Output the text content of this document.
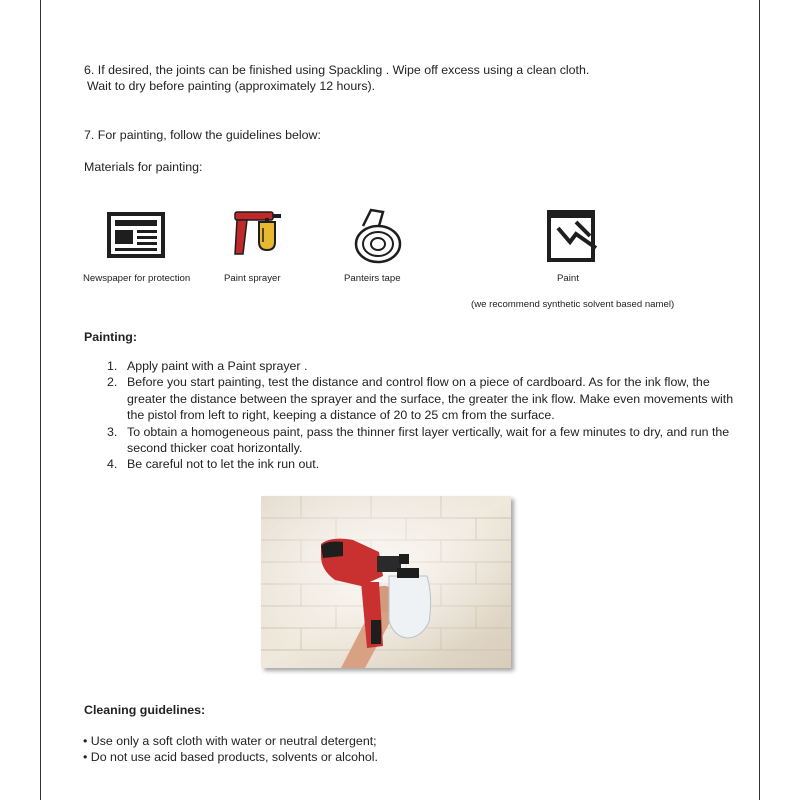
6. If desired, the joints can be finished using Spackling . Wipe off excess using a clean cloth.
Wait to dry before painting (approximately 12 hours).
7. For painting, follow the guidelines below:
Materials for painting:
Newspaper for protection	Paint sprayer	Panteirs tape	Paint
(we recommend synthetic solvent based namel)
Painting:
1. Apply paint with a Paint sprayer .
2. Before you start painting, test the distance and control flow on a piece of cardboard. As for the ink flow, the greater the distance between the sprayer and the surface, the greater the ink flow. Make even movements with the pistol from left to right, keeping a distance of 20 to 25 cm from the surface.
3. To obtain a homogeneous paint, pass the thinner first layer vertically, wait for a few minutes to dry, and run the second thicker coat horizontally.
4. Be careful not to let the ink run out.
Cleaning guidelines:
• Use only a soft cloth with water or neutral detergent;
• Do not use acid based products, solvents or alcohol.
